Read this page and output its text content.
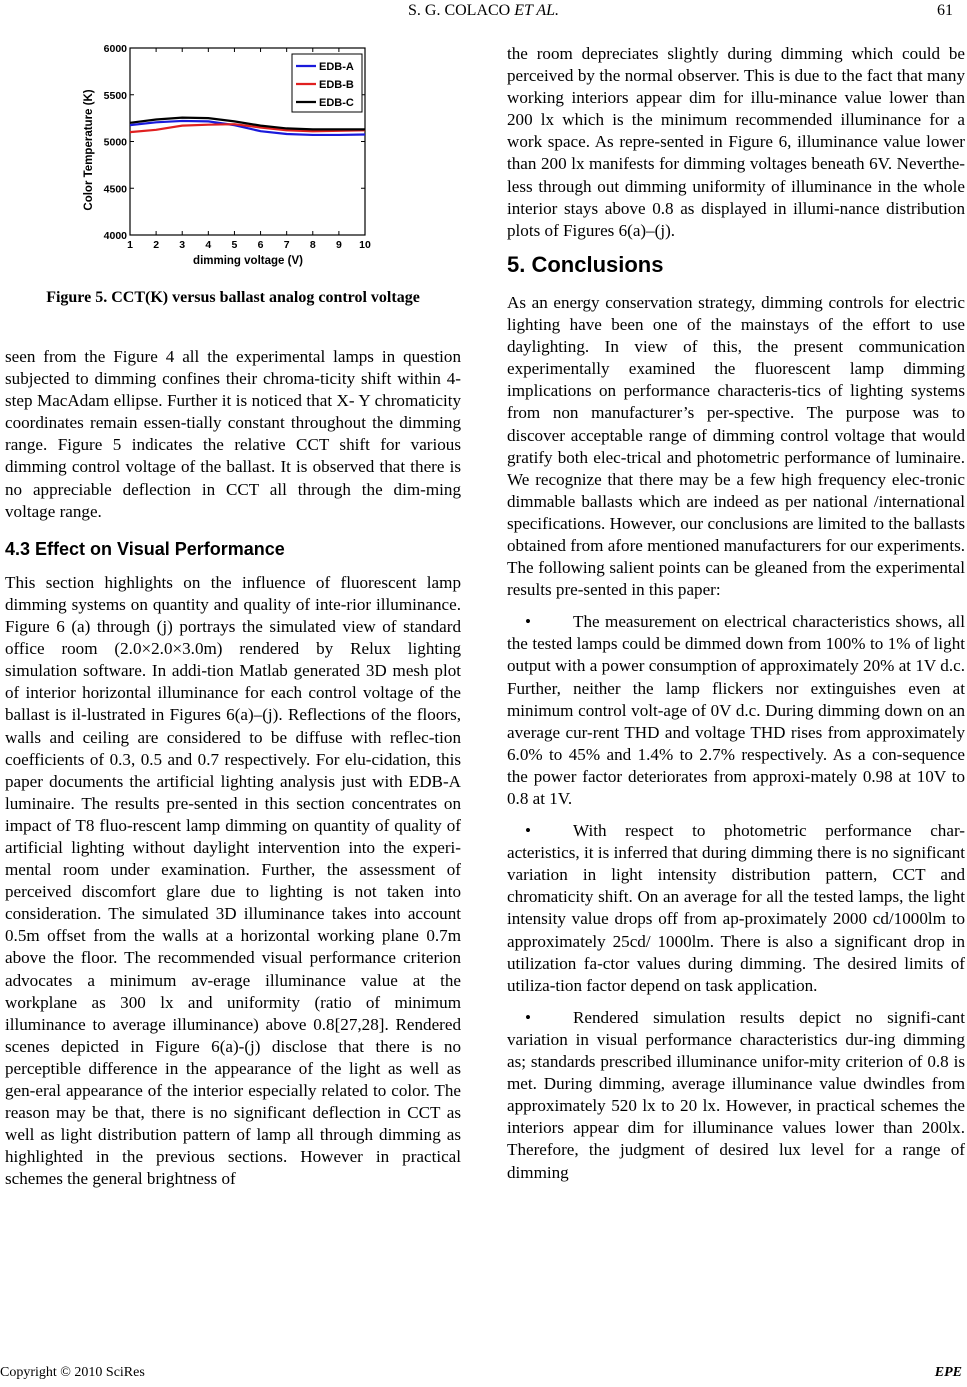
S. G. COLACO ET AL.	61
4000
4500
5000
5500
6000
1 2 3 4 5 6 7 8 9 10
EDB-A
EDB-B
EDB-C
Color Temperature (K)
dimming voltage (V)
Figure 5. CCT(K) versus ballast analog control voltage

seen from the Figure 4 all the experimental lamps in question subjected to dimming confines their chroma-ticity shift within 4-step MacAdam ellipse. Further it is noticed that X- Y chromaticity coordinates remain essen-tially constant throughout the dimming range. Figure 5 indicates the relative CCT shift for various dimming control voltage of the ballast. It is observed that there is no appreciable deflection in CCT all through the dim-ming voltage range.

4.3 Effect on Visual Performance

This section highlights on the influence of fluorescent lamp dimming systems on quantity and quality of inte-rior illuminance. Figure 6 (a) through (j) portrays the simulated view of standard office room (2.0×2.0×3.0m) rendered by Relux lighting simulation software. In addi-tion Matlab generated 3D mesh plot of interior horizontal illuminance for each control voltage of the ballast is il-lustrated in Figures 6(a)–(j). Reflections of the floors, walls and ceiling are considered to be diffuse with reflec-tion coefficients of 0.3, 0.5 and 0.7 respectively. For elu-cidation, this paper documents the artificial lighting analysis just with EDB-A luminaire. The results pre-sented in this section concentrates on impact of T8 fluo-rescent lamp dimming on quantity of quality of artificial lighting without daylight intervention into the experi-mental room under examination. Further, the assessment of perceived discomfort glare due to lighting is not taken into consideration. The simulated 3D illuminance takes into account 0.5m offset from the walls at a horizontal working plane 0.7m above the floor. The recommended visual performance criterion advocates a minimum av-erage illuminance value at the workplane as 300 lx and uniformity (ratio of minimum illuminance to average illuminance) above 0.8[27,28]. Rendered scenes depicted in Figure 6(a)-(j) disclose that there is no perceptible difference in the appearance of the light as well as gen-eral appearance of the interior especially related to color. The reason may be that, there is no significant deflection in CCT as well as light distribution pattern of lamp all through dimming as highlighted in the previous sections. However in practical schemes the general brightness of

the room depreciates slightly during dimming which could be perceived by the normal observer. This is due to the fact that many working interiors appear dim for illu-minance value lower than 200 lx which is the minimum recommended illuminance for a work space. As repre-sented in Figure 6, illuminance value lower than 200 lx manifests for dimming voltages beneath 6V. Neverthe-less through out dimming uniformity of illuminance in the whole interior stays above 0.8 as displayed in illumi-nance distribution plots of Figures 6(a)–(j).

5. Conclusions

As an energy conservation strategy, dimming controls for electric lighting have been one of the mainstays of the effort to use daylighting. In view of this, the present communication experimentally examined the fluorescent lamp dimming implications on performance characteris-tics of lighting systems from non manufacturer’s per-spective. The purpose was to discover acceptable range of dimming control voltage that would gratify both elec-trical and photometric performance of luminaire. We recognize that there may be a few high frequency elec-tronic dimmable ballasts which are indeed as per national /international specifications. However, our conclusions are limited to the ballasts obtained from afore mentioned manufacturers for our experiments. The following salient points can be gleaned from the experimental results pre-sented in this paper:

• The measurement on electrical characteristics shows, all the tested lamps could be dimmed down from 100% to 1% of light output with a power consumption of approximately 20% at 1V d.c. Further, neither the lamp flickers nor extinguishes even at minimum control volt-age of 0V d.c. During dimming down on an average cur-rent THD and voltage THD rises from approximately 6.0% to 45% and 1.4% to 2.7% respectively. As a con-sequence the power factor deteriorates from approxi-mately 0.98 at 10V to 0.8 at 1V.

• With respect to photometric performance char-acteristics, it is inferred that during dimming there is no significant variation in light intensity distribution pattern, CCT and chromaticity shift. On an average for all the tested lamps, the light intensity value drops off from ap-proximately 2000 cd/1000lm to approximately 25cd/ 1000lm. There is also a significant drop in utilization fa-ctor values during dimming. The desired limits of utiliza-tion factor depend on task application.

• Rendered simulation results depict no signifi-cant variation in visual performance characteristics dur-ing dimming as; standards prescribed illuminance unifor-mity criterion of 0.8 is met. During dimming, average illuminance value dwindles from approximately 520 lx to 20 lx. However, in practical schemes the interiors appear dim for illuminance values lower than 200lx. Therefore, the judgment of desired lux level for a range of dimming

Copyright © 2010 SciRes	EPE
